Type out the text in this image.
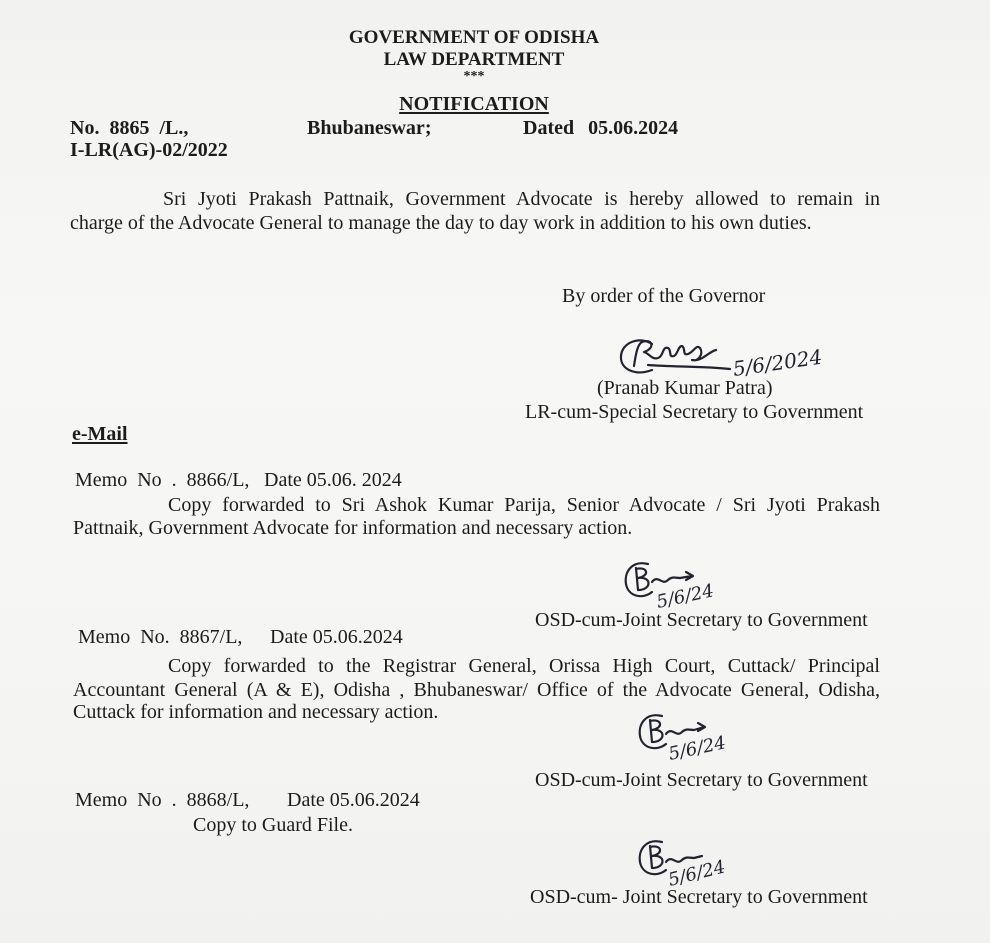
GOVERNMENT OF ODISHA
LAW DEPARTMENT
***
NOTIFICATION
No. 8865 /L.,	Bhubaneswar;	Dated 05.06.2024
I-LR(AG)-02/2022
Sri Jyoti Prakash Pattnaik, Government Advocate is hereby allowed to remain in
charge of the Advocate General to manage the day to day work in addition to his own duties.
By order of the Governor
5/6/2024
(Pranab Kumar Patra)
LR-cum-Special Secretary to Government
e-Mail
Memo No . 8866/L, Date 05.06. 2024
Copy forwarded to Sri Ashok Kumar Parija, Senior Advocate / Sri Jyoti Prakash
Pattnaik, Government Advocate for information and necessary action.
5/6/24
OSD-cum-Joint Secretary to Government
Memo No. 8867/L, Date 05.06.2024
Copy forwarded to the Registrar General, Orissa High Court, Cuttack/ Principal
Accountant General (A & E), Odisha , Bhubaneswar/ Office of the Advocate General, Odisha,
Cuttack for information and necessary action.
5/6/24
OSD-cum-Joint Secretary to Government
Memo No . 8868/L, Date 05.06.2024
Copy to Guard File.
5/6/24
OSD-cum- Joint Secretary to Government
